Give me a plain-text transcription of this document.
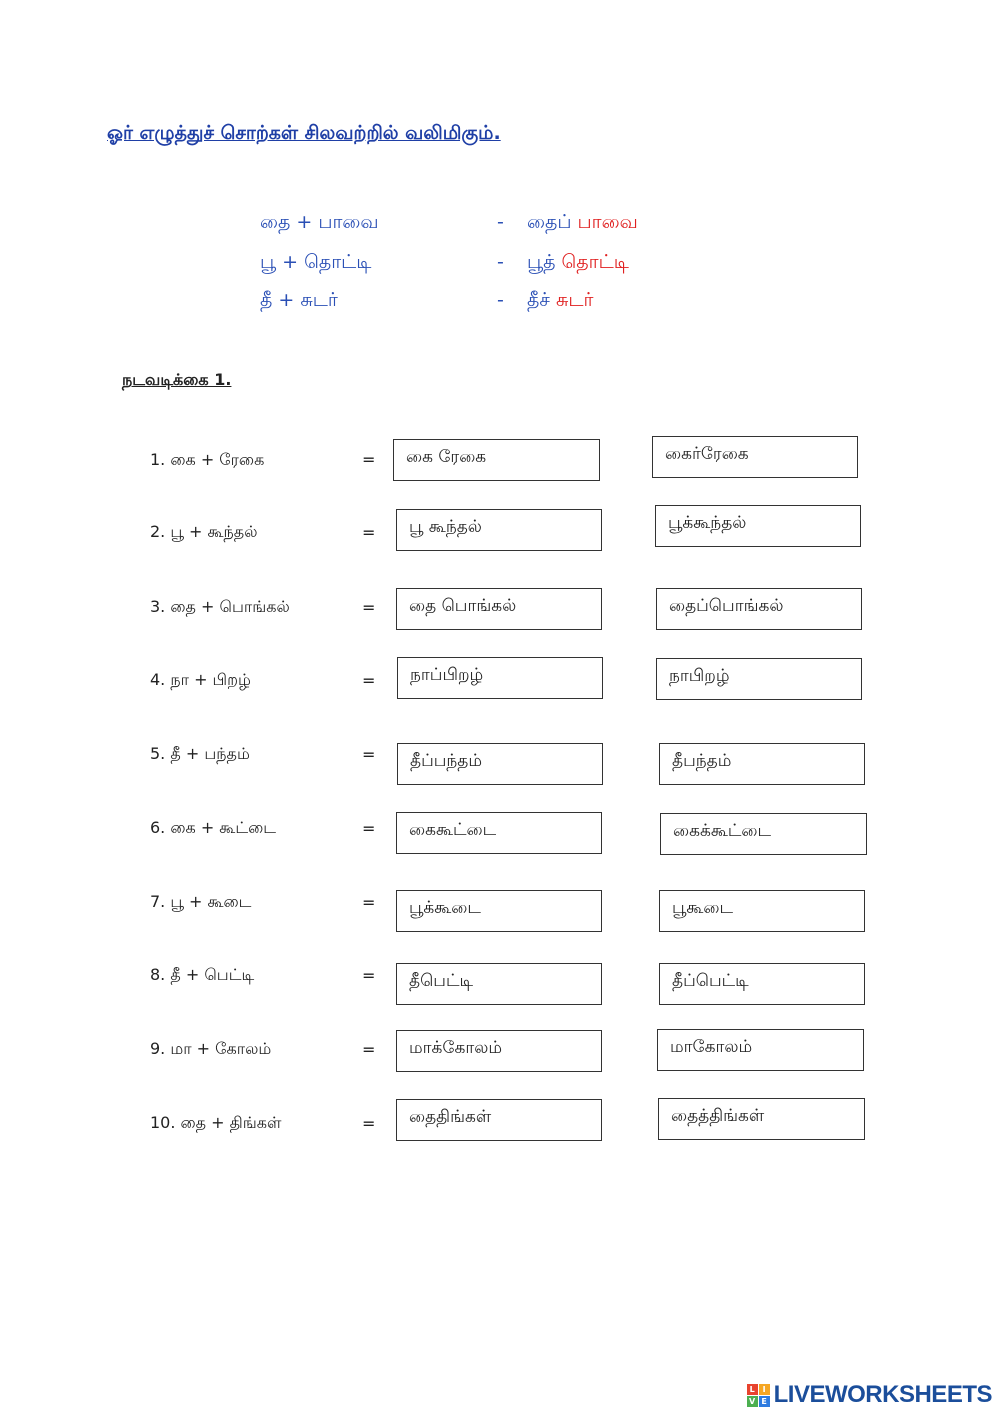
ஓர் எழுத்துச் சொற்கள் சிலவற்றில் வலிமிகும்.
தை + பாவை	- தைப் பாவை
பூ + தொட்டி	- பூத் தொட்டி
தீ + சுடர்	- தீச் சுடர்
நடவடிக்கை 1.
1. கை + ரேகை	=	கை ரேகை	கைர்ரேகை
2. பூ + கூந்தல்	=	பூ கூந்தல்	பூக்கூந்தல்
3. தை + பொங்கல்	=	தை பொங்கல்	தைப்பொங்கல்
4. நா + பிறழ்	=	நாப்பிறழ்	நாபிறழ்
5. தீ + பந்தம்	=	தீப்பந்தம்	தீபந்தம்
6. கை + கூட்டை	=	கைகூட்டை	கைக்கூட்டை
7. பூ + கூடை	=	பூக்கூடை	பூகூடை
8. தீ + பெட்டி	=	தீபெட்டி	தீப்பெட்டி
9. மா + கோலம்	=	மாக்கோலம்	மாகோலம்
10. தை + திங்கள்	=	தைதிங்கள்	தைத்திங்கள்
L I
V E LIVEWORKSHEETS
